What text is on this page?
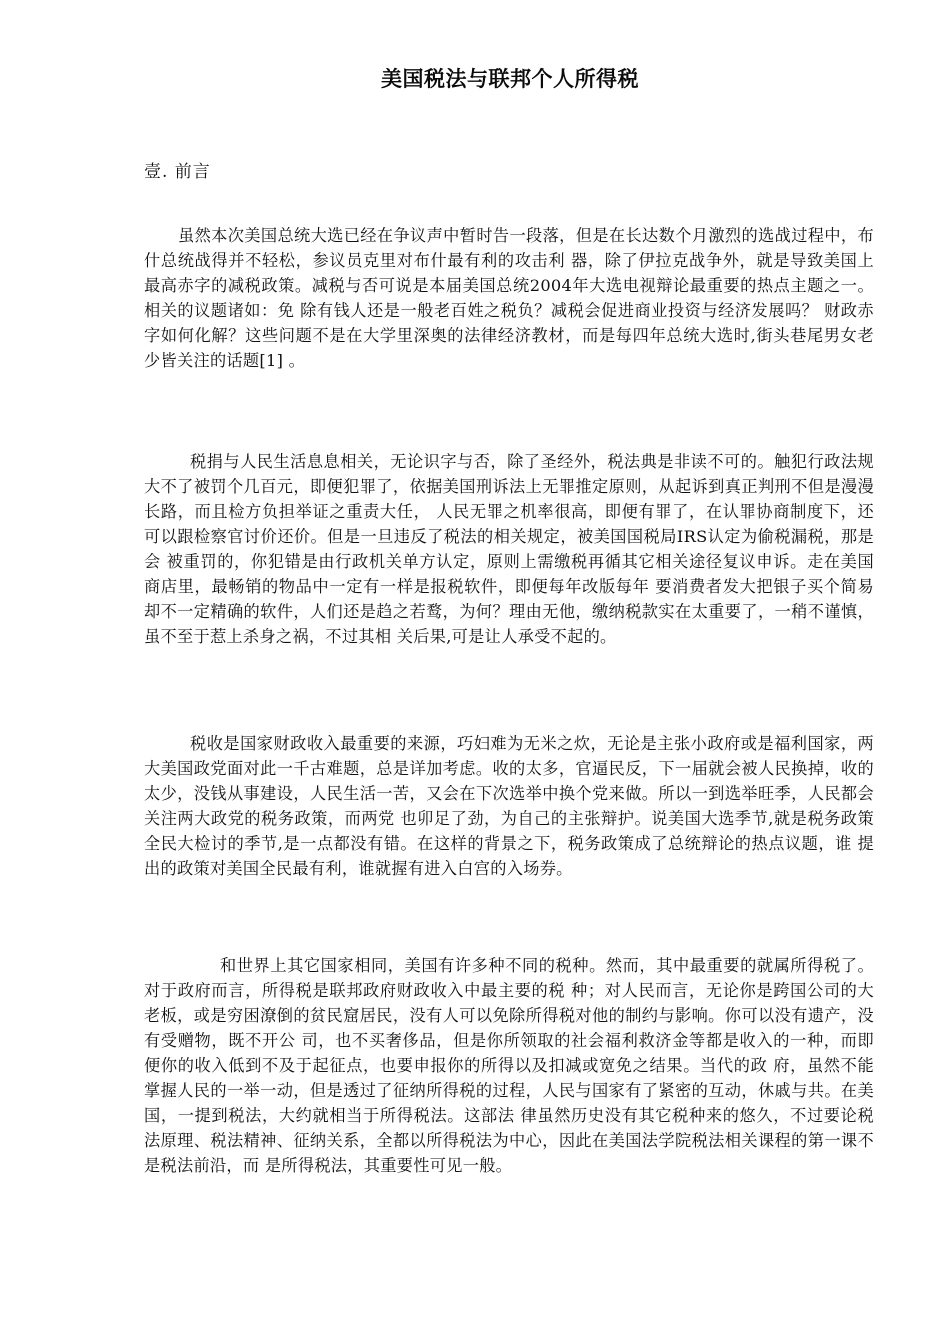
美国税法与联邦个人所得税
壹. 前言

虽然本次美国总统大选已经在争议声中暂时告一段落，但是在长达数个月激烈的选战过程中，布什总统战得并不轻松，参议员克里对布什最有利的攻击利 器，除了伊拉克战争外，就是导致美国上最高赤字的减税政策。减税与否可说是本届美国总统2004年大选电视辩论最重要的热点主题之一。相关的议题诸如：免 除有钱人还是一般老百姓之税负？减税会促进商业投资与经济发展吗？ 财政赤字如何化解？这些问题不是在大学里深奥的法律经济教材，而是每四年总统大选时,街头巷尾男女老少皆关注的话题[1] 。

税捐与人民生活息息相关，无论识字与否，除了圣经外，税法典是非读不可的。触犯行政法规大不了被罚个几百元，即便犯罪了，依据美国刑诉法上无罪推定原则，从起诉到真正判刑不但是漫漫长路，而且检方负担举证之重责大任， 人民无罪之机率很高，即便有罪了，在认罪协商制度下，还可以跟检察官讨价还价。但是一旦违反了税法的相关规定，被美国国税局IRS认定为偷税漏税，那是会 被重罚的，你犯错是由行政机关单方认定，原则上需缴税再循其它相关途径复议申诉。走在美国商店里，最畅销的物品中一定有一样是报税软件，即便每年改版每年 要消费者发大把银子买个简易却不一定精确的软件，人们还是趋之若鹜，为何？理由无他，缴纳税款实在太重要了，一稍不谨慎，虽不至于惹上杀身之祸，不过其相 关后果,可是让人承受不起的。

税收是国家财政收入最重要的来源，巧妇难为无米之炊，无论是主张小政府或是福利国家，两大美国政党面对此一千古难题，总是详加考虑。收的太多，官逼民反，下一届就会被人民换掉，收的太少，没钱从事建设，人民生活一苦，又会在下次选举中换个党来做。所以一到选举旺季，人民都会关注两大政党的税务政策，而两党 也卯足了劲，为自己的主张辩护。说美国大选季节,就是税务政策全民大检讨的季节,是一点都没有错。在这样的背景之下，税务政策成了总统辩论的热点议题，谁 提出的政策对美国全民最有利，谁就握有进入白宫的入场券。

和世界上其它国家相同，美国有许多种不同的税种。然而，其中最重要的就属所得税了。对于政府而言，所得税是联邦政府财政收入中最主要的税 种；对人民而言，无论你是跨国公司的大老板，或是穷困潦倒的贫民窟居民，没有人可以免除所得税对他的制约与影响。你可以没有遗产，没有受赠物，既不开公 司，也不买奢侈品，但是你所领取的社会福利救济金等都是收入的一种，而即便你的收入低到不及于起征点，也要申报你的所得以及扣减或宽免之结果。当代的政 府，虽然不能掌握人民的一举一动，但是透过了征纳所得税的过程，人民与国家有了紧密的互动，休戚与共。在美国，一提到税法，大约就相当于所得税法。这部法 律虽然历史没有其它税种来的悠久，不过要论税法原理、税法精神、征纳关系，全都以所得税法为中心，因此在美国法学院税法相关课程的第一课不是税法前沿，而 是所得税法，其重要性可见一般。
